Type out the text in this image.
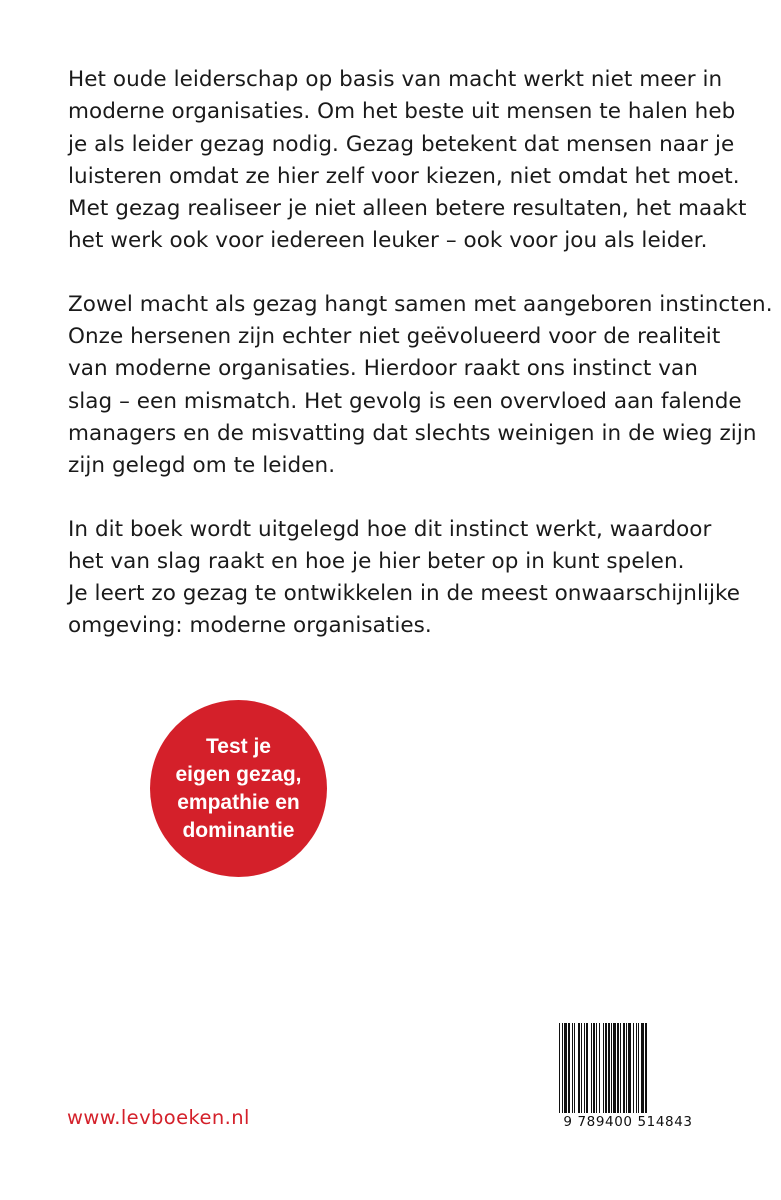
Het oude leiderschap op basis van macht werkt niet meer in
moderne organisaties. Om het beste uit mensen te halen heb
je als leider gezag nodig. Gezag betekent dat mensen naar je
luisteren omdat ze hier zelf voor kiezen, niet omdat het moet.
Met gezag realiseer je niet alleen betere resultaten, het maakt
het werk ook voor iedereen leuker – ook voor jou als leider.

Zowel macht als gezag hangt samen met aangeboren instincten.
Onze hersenen zijn echter niet geëvolueerd voor de realiteit
van moderne organisaties. Hierdoor raakt ons instinct van
slag – een mismatch. Het gevolg is een overvloed aan falende
managers en de misvatting dat slechts weinigen in de wieg zijn
zijn gelegd om te leiden.

In dit boek wordt uitgelegd hoe dit instinct werkt, waardoor
het van slag raakt en hoe je hier beter op in kunt spelen.
Je leert zo gezag te ontwikkelen in de meest onwaarschijnlijke
omgeving: moderne organisaties.

Test je
eigen gezag,
empathie en
dominantie
www.levboeken.nl	9 789400 514843
